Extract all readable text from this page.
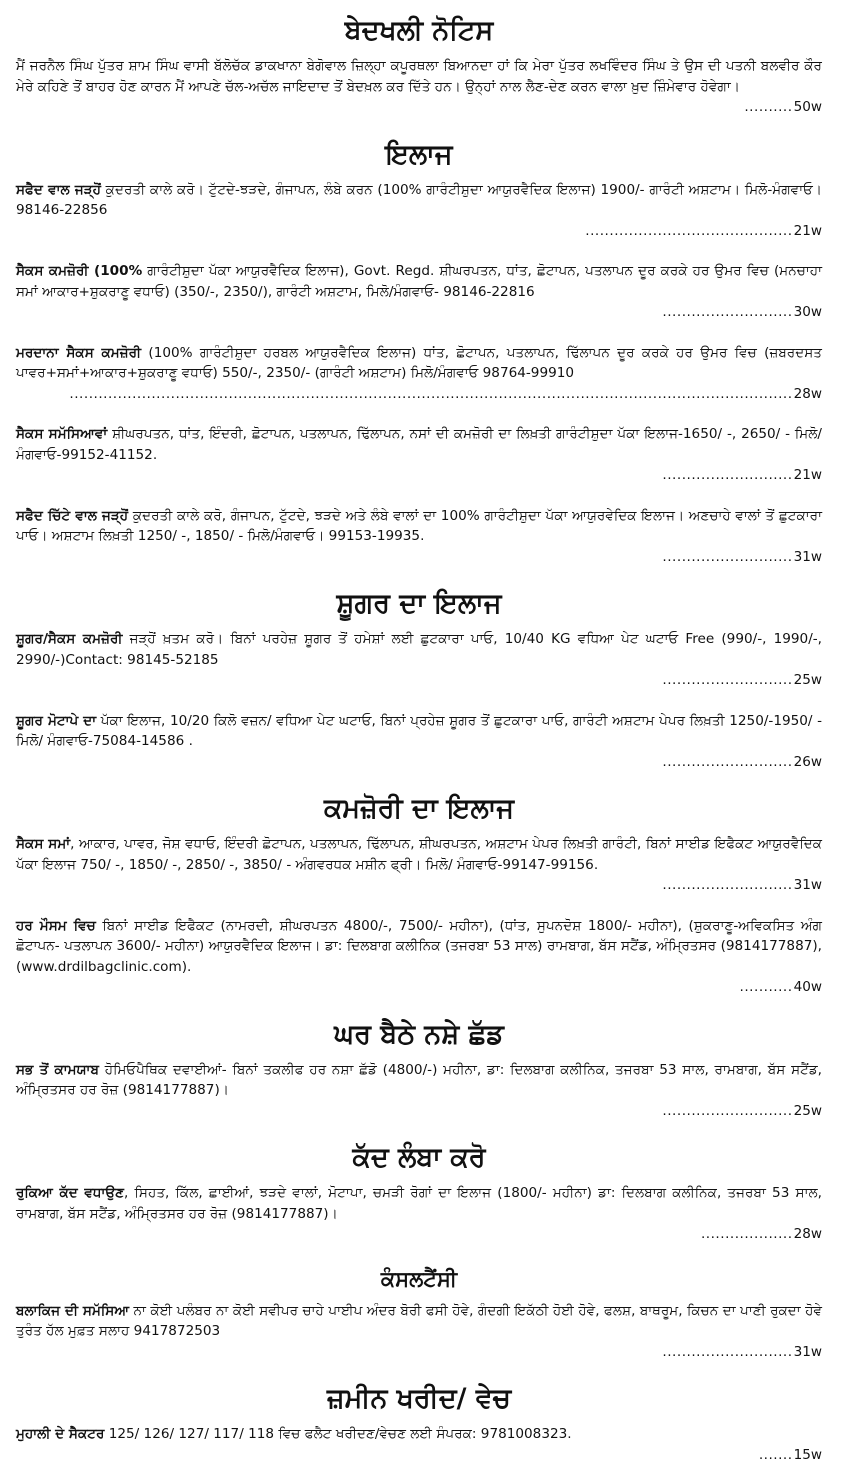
ਬੇਦਖਲੀ ਨੋਟਿਸ
ਮੈਂ ਜਰਨੈਲ ਸਿੰਘ ਪੁੱਤਰ ਸ਼ਾਮ ਸਿੰਘ ਵਾਸੀ ਬੱਲੋਚੱਕ ਡਾਕਖਾਨਾ ਬੇਗੋਵਾਲ ਜ਼ਿਲ੍ਹਾ ਕਪੂਰਥਲਾ ਬਿਆਨਦਾ ਹਾਂ ਕਿ ਮੇਰਾ ਪੁੱਤਰ ਲਖਵਿੰਦਰ ਸਿੰਘ ਤੇ ਉਸ ਦੀ ਪਤਨੀ ਬਲਵੀਰ ਕੌਰ ਮੇਰੇ ਕਹਿਣੇ ਤੋਂ ਬਾਹਰ ਹੋਣ ਕਾਰਨ ਮੈਂ ਆਪਣੇ ਚੱਲ-ਅਚੱਲ ਜਾਇਦਾਦ ਤੋਂ ਬੇਦਖ਼ਲ ਕਰ ਦਿੱਤੇ ਹਨ। ਉਨ੍ਹਾਂ ਨਾਲ ਲੈਣ-ਦੇਣ ਕਰਨ ਵਾਲਾ ਖ਼ੁਦ ਜ਼ਿੰਮੇਵਾਰ ਹੋਵੇਗਾ।
.......... 50w
ਇਲਾਜ
ਸਫੈਦ ਵਾਲ ਜੜ੍ਹੋਂ ਕੁਦਰਤੀ ਕਾਲੇ ਕਰੋ। ਟੁੱਟਦੇ-ਝੜਦੇ, ਗੰਜਾਪਨ, ਲੰਬੇ ਕਰਨ (100% ਗਾਰੰਟੀਸ਼ੁਦਾ ਆਯੁਰਵੈਦਿਕ ਇਲਾਜ) 1900/- ਗਾਰੰਟੀ ਅਸ਼ਟਾਮ। ਮਿਲੋ-ਮੰਗਵਾਓ। 98146-22856
........................................... 21w
ਸੈਕਸ ਕਮਜ਼ੋਰੀ (100% ਗਾਰੰਟੀਸ਼ੁਦਾ ਪੱਕਾ ਆਯੁਰਵੈਦਿਕ ਇਲਾਜ), Govt. Regd. ਸ਼ੀਘਰਪਤਨ, ਧਾਂਤ, ਛੋਟਾਪਨ, ਪਤਲਾਪਨ ਦੂਰ ਕਰਕੇ ਹਰ ਉਮਰ ਵਿਚ (ਮਨਚਾਹਾ ਸਮਾਂ ਆਕਾਰ+ਸ਼ੁਕਰਾਣੂ ਵਧਾਓ) (350/-, 2350/), ਗਾਰੰਟੀ ਅਸ਼ਟਾਮ, ਮਿਲੋ/ਮੰਗਵਾਓ- 98146-22816
........................... 30w
ਮਰਦਾਨਾ ਸੈਕਸ ਕਮਜ਼ੋਰੀ (100% ਗਾਰੰਟੀਸ਼ੁਦਾ ਹਰਬਲ ਆਯੁਰਵੈਦਿਕ ਇਲਾਜ) ਧਾਂਤ, ਛੋਟਾਪਨ, ਪਤਲਾਪਨ, ਢਿੱਲਾਪਨ ਦੂਰ ਕਰਕੇ ਹਰ ਉਮਰ ਵਿਚ (ਜ਼ਬਰਦਸਤ ਪਾਵਰ+ਸਮਾਂ+ਆਕਾਰ+ਸ਼ੁਕਰਾਣੂ ਵਧਾਓ) 550/-, 2350/- (ਗਾਰੰਟੀ ਅਸ਼ਟਾਮ) ਮਿਲੋ/ਮੰਗਵਾਓ 98764-99910
...................................................................................................................................................... 28w
ਸੈਕਸ ਸਮੱਸਿਆਵਾਂ ਸ਼ੀਘਰਪਤਨ, ਧਾਂਤ, ਇੰਦਰੀ, ਛੋਟਾਪਨ, ਪਤਲਾਪਨ, ਢਿੱਲਾਪਨ, ਨਸਾਂ ਦੀ ਕਮਜ਼ੋਰੀ ਦਾ ਲਿਖ਼ਤੀ ਗਾਰੰਟੀਸ਼ੁਦਾ ਪੱਕਾ ਇਲਾਜ-1650/ -, 2650/ - ਮਿਲੋ/ ਮੰਗਵਾਓ-99152-41152.
........................... 21w
ਸਫੈਦ ਚਿੱਟੇ ਵਾਲ ਜੜ੍ਹੋਂ ਕੁਦਰਤੀ ਕਾਲੇ ਕਰੋ, ਗੰਜਾਪਨ, ਟੁੱਟਦੇ, ਝੜਦੇ ਅਤੇ ਲੰਬੇ ਵਾਲਾਂ ਦਾ 100% ਗਾਰੰਟੀਸ਼ੁਦਾ ਪੱਕਾ ਆਯੁਰਵੇਦਿਕ ਇਲਾਜ। ਅਣਚਾਹੇ ਵਾਲਾਂ ਤੋਂ ਛੁਟਕਾਰਾ ਪਾਓ। ਅਸ਼ਟਾਮ ਲਿਖ਼ਤੀ 1250/ -, 1850/ - ਮਿਲੋ/ਮੰਗਵਾਓ। 99153-19935.
........................... 31w
ਸ਼ੂਗਰ ਦਾ ਇਲਾਜ
ਸ਼ੂਗਰ/ਸੈਕਸ ਕਮਜ਼ੋਰੀ ਜੜ੍ਹੋਂ ਖ਼ਤਮ ਕਰੋ। ਬਿਨਾਂ ਪਰਹੇਜ਼ ਸ਼ੂਗਰ ਤੋਂ ਹਮੇਸ਼ਾਂ ਲਈ ਛੁਟਕਾਰਾ ਪਾਓ, 10/40 KG ਵਧਿਆ ਪੇਟ ਘਟਾਓ Free (990/-, 1990/-, 2990/-)Contact: 98145-52185
........................... 25w
ਸ਼ੂਗਰ ਮੋਟਾਪੇ ਦਾ ਪੱਕਾ ਇਲਾਜ, 10/20 ਕਿਲੋ ਵਜ਼ਨ/ ਵਧਿਆ ਪੇਟ ਘਟਾਓ, ਬਿਨਾਂ ਪ੍ਰਹੇਜ਼ ਸ਼ੂਗਰ ਤੋਂ ਛੁਟਕਾਰਾ ਪਾਓ, ਗਾਰੰਟੀ ਅਸ਼ਟਾਮ ਪੇਪਰ ਲਿਖ਼ਤੀ 1250/-1950/ - ਮਿਲੋ/ ਮੰਗਵਾਓ-75084-14586 .
........................... 26w
ਕਮਜ਼ੋਰੀ ਦਾ ਇਲਾਜ
ਸੈਕਸ ਸਮਾਂ, ਆਕਾਰ, ਪਾਵਰ, ਜੋਸ਼ ਵਧਾਓ, ਇੰਦਰੀ ਛੋਟਾਪਨ, ਪਤਲਾਪਨ, ਢਿੱਲਾਪਨ, ਸ਼ੀਘਰਪਤਨ, ਅਸ਼ਟਾਮ ਪੇਪਰ ਲਿਖ਼ਤੀ ਗਾਰੰਟੀ, ਬਿਨਾਂ ਸਾਈਡ ਇਫੈਕਟ ਆਯੁਰਵੈਦਿਕ ਪੱਕਾ ਇਲਾਜ 750/ -, 1850/ -, 2850/ -, 3850/ - ਅੰਗਵਰਧਕ ਮਸ਼ੀਨ ਫ੍ਰੀ। ਮਿਲੋ/ ਮੰਗਵਾਓ-99147-99156.
........................... 31w
ਹਰ ਮੌਸਮ ਵਿਚ ਬਿਨਾਂ ਸਾਈਡ ਇਫੈਕਟ (ਨਾਮਰਦੀ, ਸ਼ੀਘਰਪਤਨ 4800/-, 7500/- ਮਹੀਨਾ), (ਧਾਂਤ, ਸੁਪਨਦੋਸ਼ 1800/- ਮਹੀਨਾ), (ਸ਼ੁਕਰਾਣੂ-ਅਵਿਕਸਿਤ ਅੰਗ ਛੋਟਾਪਨ- ਪਤਲਾਪਨ 3600/- ਮਹੀਨਾ) ਆਯੁਰਵੈਦਿਕ ਇਲਾਜ। ਡਾ: ਦਿਲਬਾਗ ਕਲੀਨਿਕ (ਤਜਰਬਾ 53 ਸਾਲ) ਰਾਮਬਾਗ, ਬੱਸ ਸਟੈਂਡ, ਅੰਮ੍ਰਿਤਸਰ (9814177887), (www.drdilbagclinic.com).
........... 40w
ਘਰ ਬੈਠੇ ਨਸ਼ੇ ਛੱਡ
ਸਭ ਤੋਂ ਕਾਮਯਾਬ ਹੋਮਿਓਪੈਥਿਕ ਦਵਾਈਆਂ- ਬਿਨਾਂ ਤਕਲੀਫ ਹਰ ਨਸ਼ਾ ਛੱਡੋ (4800/-) ਮਹੀਨਾ, ਡਾ: ਦਿਲਬਾਗ ਕਲੀਨਿਕ, ਤਜਰਬਾ 53 ਸਾਲ, ਰਾਮਬਾਗ, ਬੱਸ ਸਟੈਂਡ, ਅੰਮ੍ਰਿਤਸਰ ਹਰ ਰੋਜ਼ (9814177887)।
........................... 25w
ਕੱਦ ਲੰਬਾ ਕਰੋ
ਰੁਕਿਆ ਕੱਦ ਵਧਾਉਣ, ਸਿਹਤ, ਕਿੱਲ, ਛਾਈਆਂ, ਝੜਦੇ ਵਾਲਾਂ, ਮੋਟਾਪਾ, ਚਮੜੀ ਰੋਗਾਂ ਦਾ ਇਲਾਜ (1800/- ਮਹੀਨਾ) ਡਾ: ਦਿਲਬਾਗ ਕਲੀਨਿਕ, ਤਜਰਬਾ 53 ਸਾਲ, ਰਾਮਬਾਗ, ਬੱਸ ਸਟੈਂਡ, ਅੰਮ੍ਰਿਤਸਰ ਹਰ ਰੋਜ਼ (9814177887)।
................... 28w
ਕੰਸਲਟੈਂਸੀ
ਬਲਾਕਿਜ ਦੀ ਸਮੱਸਿਆ ਨਾ ਕੋਈ ਪਲੰਬਰ ਨਾ ਕੋਈ ਸਵੀਪਰ ਚਾਹੇ ਪਾਈਪ ਅੰਦਰ ਬੋਰੀ ਫਸੀ ਹੋਵੇ, ਗੰਦਗੀ ਇਕੱਠੀ ਹੋਈ ਹੋਵੇ, ਫਲਸ਼, ਬਾਥਰੂਮ, ਕਿਚਨ ਦਾ ਪਾਣੀ ਰੁਕਦਾ ਹੋਵੇ ਤੁਰੰਤ ਹੱਲ ਮੁਫ਼ਤ ਸਲਾਹ 9417872503
........................... 31w
ਜ਼ਮੀਨ ਖਰੀਦ/ ਵੇਚ
ਮੁਹਾਲੀ ਦੇ ਸੈਕਟਰ 125/ 126/ 127/ 117/ 118 ਵਿਚ ਫਲੈਟ ਖਰੀਦਣ/ਵੇਚਣ ਲਈ ਸੰਪਰਕ: 9781008323.
....... 15w
